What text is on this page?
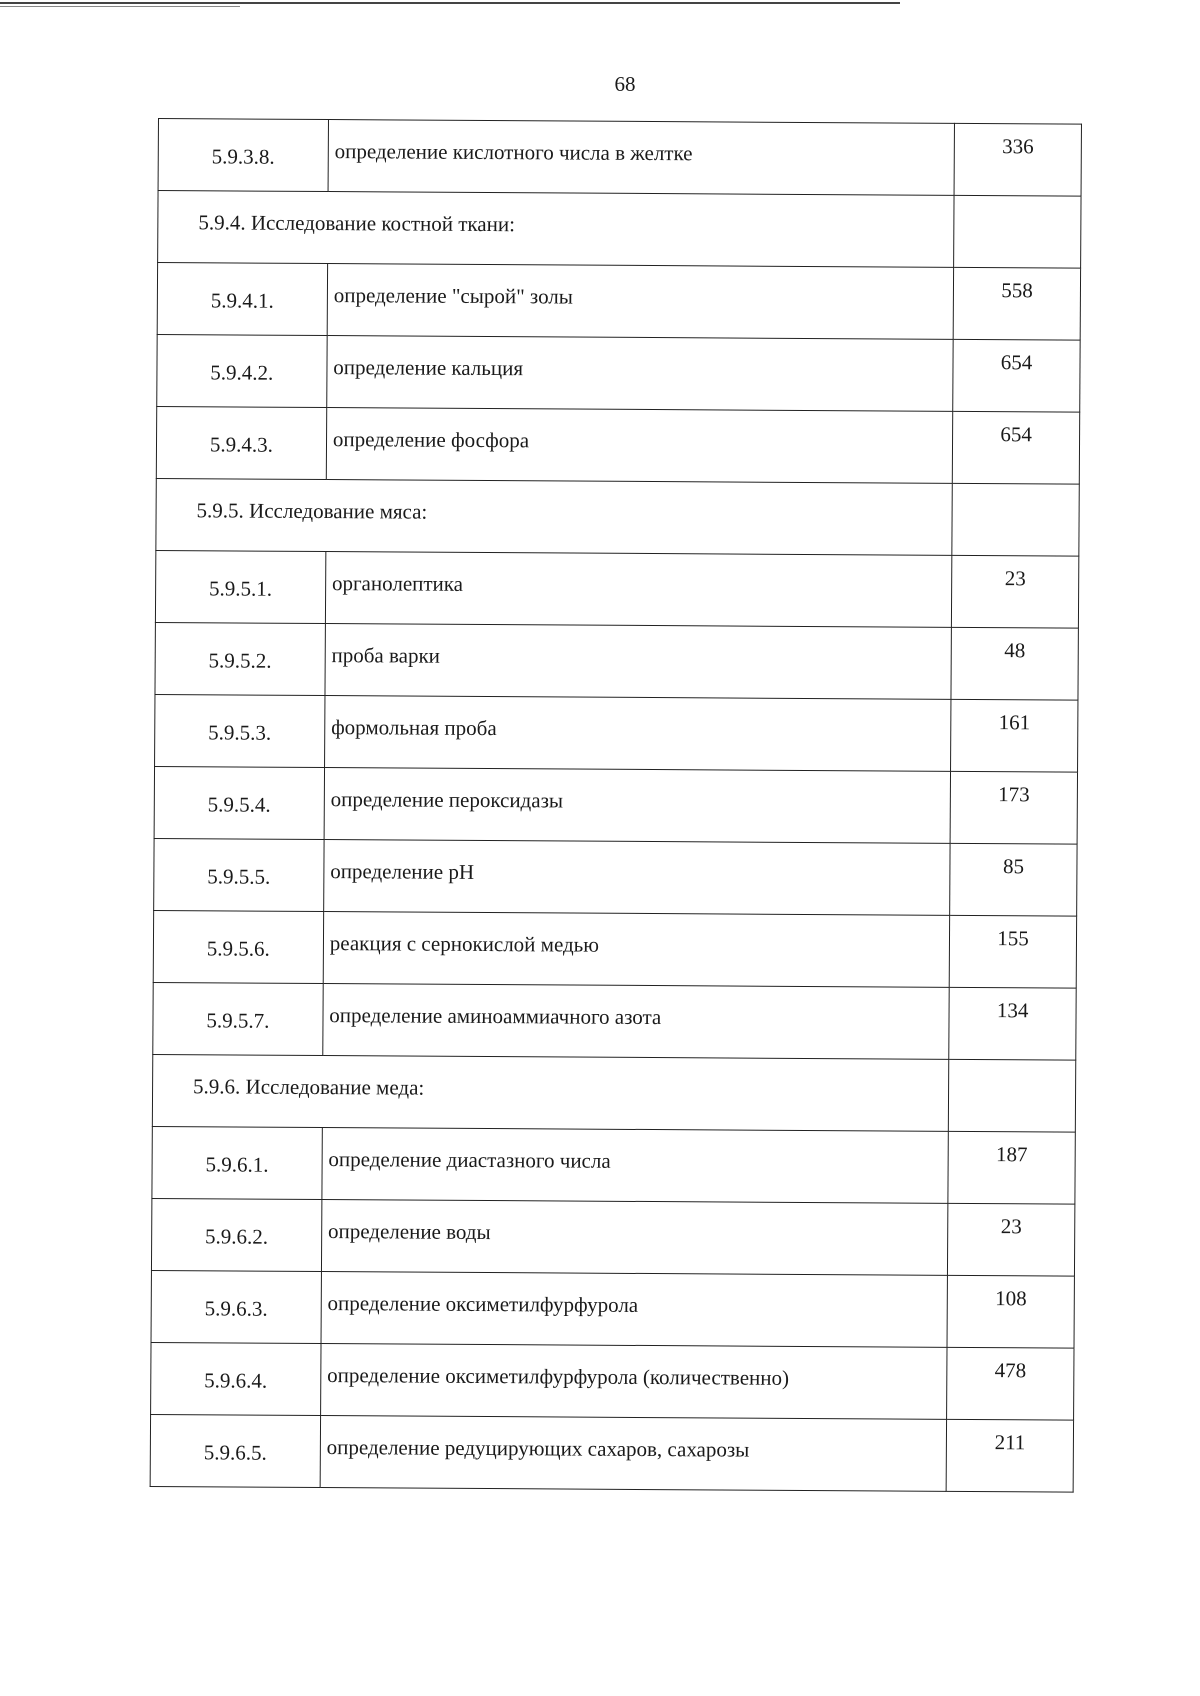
68
5.9.3.8.	определение кислотного числа в желтке	336
5.9.4. Исследование костной ткани:		
5.9.4.1.	определение "сырой" золы	558
5.9.4.2.	определение кальция	654
5.9.4.3.	определение фосфора	654
5.9.5. Исследование мяса:		
5.9.5.1.	органолептика	23
5.9.5.2.	проба варки	48
5.9.5.3.	формольная проба	161
5.9.5.4.	определение пероксидазы	173
5.9.5.5.	определение pH	85
5.9.5.6.	реакция с сернокислой медью	155
5.9.5.7.	определение аминоаммиачного азота	134
5.9.6. Исследование меда:		
5.9.6.1.	определение диастазного числа	187
5.9.6.2.	определение воды	23
5.9.6.3.	определение оксиметилфурфурола	108
5.9.6.4.	определение оксиметилфурфурола (количественно)	478
5.9.6.5.	определение редуцирующих сахаров, сахарозы	211
